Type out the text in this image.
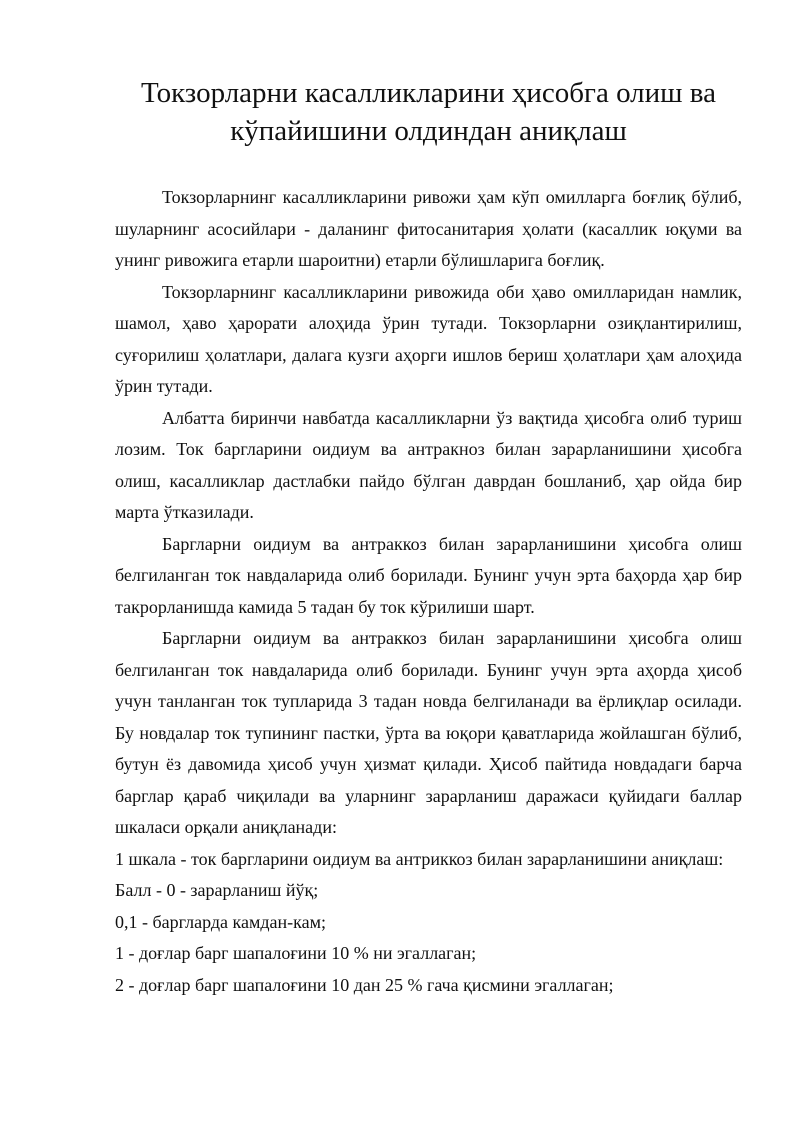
Токзорларни касалликларини ҳисобга олиш ва кўпайишини олдиндан аниқлаш

Токзорларнинг касалликларини ривожи ҳам кўп омилларга боғлиқ бўлиб, шуларнинг асосийлари - даланинг фитосанитария ҳолати (касаллик юқуми ва унинг ривожига етарли шароитни) етарли бўлишларига боғлиқ.

Токзорларнинг касалликларини ривожида оби ҳаво омилларидан намлик, шамол, ҳаво ҳарорати алоҳида ўрин тутади. Токзорларни озиқлантирилиш, суғорилиш ҳолатлари, далага кузги аҳорги ишлов бериш ҳолатлари ҳам алоҳида ўрин тутади.

Албатта биринчи навбатда касалликларни ўз вақтида ҳисобга олиб туриш лозим. Ток баргларини оидиум ва антракноз билан зарарланишини ҳисобга олиш, касалликлар дастлабки пайдо бўлган даврдан бошланиб, ҳар ойда бир марта ўтказилади.

Баргларни оидиум ва антраккоз билан зарарланишини ҳисобга олиш белгиланган ток навдаларида олиб борилади. Бунинг учун эрта баҳорда ҳар бир такрорланишда камида 5 тадан бу ток кўрилиши шарт.

Баргларни оидиум ва антраккоз билан зарарланишини ҳисобга олиш белгиланган ток навдаларида олиб борилади. Бунинг учун эрта аҳорда ҳисоб учун танланган ток тупларида 3 тадан новда белгиланади ва ёрлиқлар осилади. Бу новдалар ток тупининг пастки, ўрта ва юқори қаватларида жойлашган бўлиб, бутун ёз давомида ҳисоб учун ҳизмат қилади. Ҳисоб пайтида новдадаги барча барглар қараб чиқилади ва уларнинг зарарланиш даражаси қуйидаги баллар шкаласи орқали аниқланади:

1 шкала - ток баргларини оидиум ва антриккоз билан зарарланишини аниқлаш:

Балл - 0 - зарарланиш йўқ;

0,1 - баргларда камдан-кам;

1 - доғлар барг шапалоғини 10 % ни эгаллаган;

2 - доғлар барг шапалоғини 10 дан 25 % гача қисмини эгаллаган;
